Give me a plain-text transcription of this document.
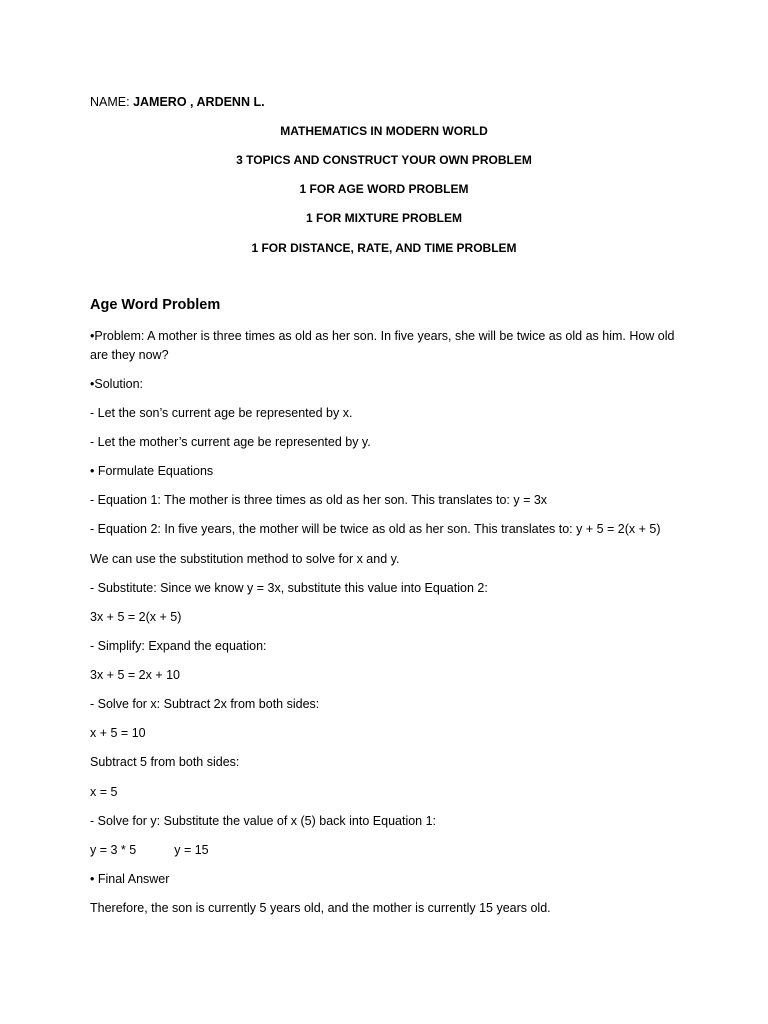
NAME: JAMERO , ARDENN L.
MATHEMATICS IN MODERN WORLD
3 TOPICS AND CONSTRUCT YOUR OWN PROBLEM
1 FOR AGE WORD PROBLEM
1 FOR MIXTURE PROBLEM
1 FOR DISTANCE, RATE, AND TIME PROBLEM
Age Word Problem
•Problem: A mother is three times as old as her son. In five years, she will be twice as old as him. How old are they now?
•Solution:
- Let the son’s current age be represented by x.
- Let the mother’s current age be represented by y.
• Formulate Equations
- Equation 1: The mother is three times as old as her son. This translates to: y = 3x
- Equation 2: In five years, the mother will be twice as old as her son. This translates to: y + 5 = 2(x + 5)
We can use the substitution method to solve for x and y.
- Substitute: Since we know y = 3x, substitute this value into Equation 2:
3x + 5 = 2(x + 5)
- Simplify: Expand the equation:
3x + 5 = 2x + 10
- Solve for x: Subtract 2x from both sides:
x + 5 = 10
Subtract 5 from both sides:
x = 5
- Solve for y: Substitute the value of x (5) back into Equation 1:
y = 3 * 5	y = 15
• Final Answer
Therefore, the son is currently 5 years old, and the mother is currently 15 years old.
